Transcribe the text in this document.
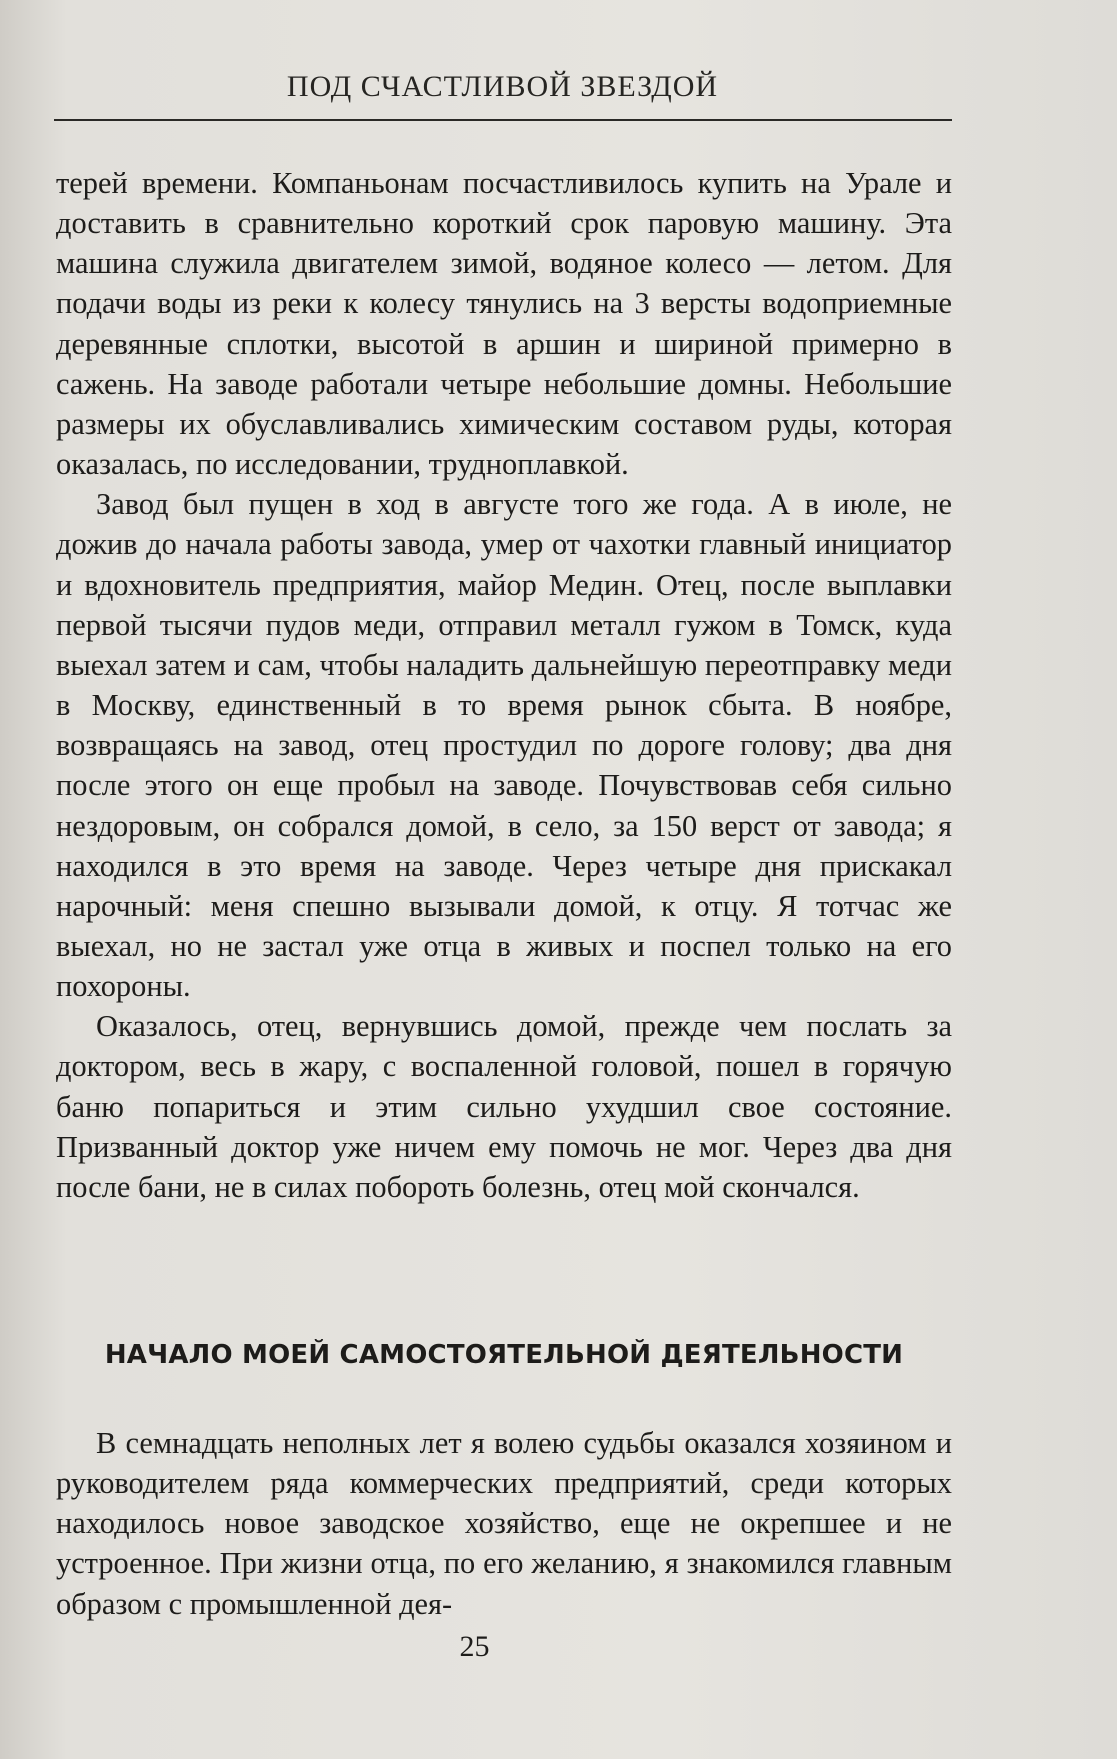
ПОД СЧАСТЛИВОЙ ЗВЕЗДОЙ

терей времени. Компаньонам посчастливилось купить на Урале и доставить в сравнительно короткий срок паровую машину. Эта машина служила двигателем зимой, водяное колесо — летом. Для подачи воды из реки к колесу тянулись на 3 версты водоприемные деревянные сплотки, высотой в аршин и шириной примерно в сажень. На заводе работали четыре небольшие домны. Небольшие размеры их обуславливались химическим составом руды, которая оказалась, по исследовании, трудноплавкой.

Завод был пущен в ход в августе того же года. А в июле, не дожив до начала работы завода, умер от чахотки главный инициатор и вдохновитель предприятия, майор Медин. Отец, после выплавки первой тысячи пудов меди, отправил металл гужом в Томск, куда выехал затем и сам, чтобы наладить дальнейшую переотправку меди в Москву, единственный в то время рынок сбыта. В ноябре, возвращаясь на завод, отец простудил по дороге голову; два дня после этого он еще пробыл на заводе. Почувствовав себя сильно нездоровым, он собрался домой, в село, за 150 верст от завода; я находился в это время на заводе. Через четыре дня прискакал нарочный: меня спешно вызывали домой, к отцу. Я тотчас же выехал, но не застал уже отца в живых и поспел только на его похороны.

Оказалось, отец, вернувшись домой, прежде чем послать за доктором, весь в жару, с воспаленной головой, пошел в горячую баню попариться и этим сильно ухудшил свое состояние. Призванный доктор уже ничем ему помочь не мог. Через два дня после бани, не в силах побороть болезнь, отец мой скончался.

НАЧАЛО МОЕЙ САМОСТОЯТЕЛЬНОЙ ДЕЯТЕЛЬНОСТИ

В семнадцать неполных лет я волею судьбы оказался хозяином и руководителем ряда коммерческих предприятий, среди которых находилось новое заводское хозяйство, еще не окрепшее и не устроенное. При жизни отца, по его желанию, я знакомился главным образом с промышленной дея-

25
